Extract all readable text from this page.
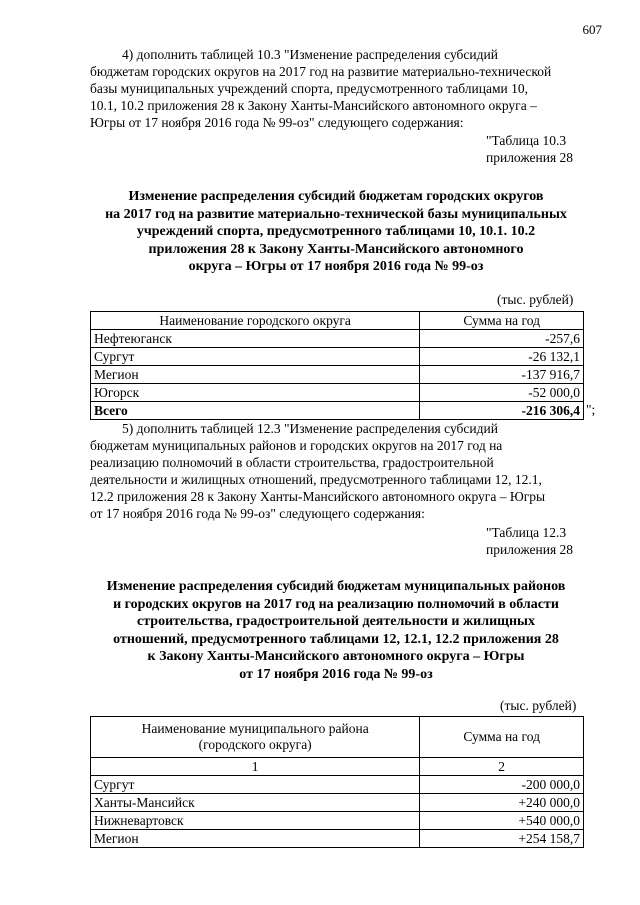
607
4) дополнить таблицей 10.3 "Изменение распределения субсидий
бюджетам городских округов на 2017 год на развитие материально-технической
базы муниципальных учреждений спорта, предусмотренного таблицами 10,
10.1, 10.2 приложения 28 к Закону Ханты-Мансийского автономного округа –
Югры от 17 ноября 2016 года № 99-оз" следующего содержания:
"Таблица 10.3
приложения 28
Изменение распределения субсидий бюджетам городских округов
на 2017 год на развитие материально-технической базы муниципальных
учреждений спорта, предусмотренного таблицами 10, 10.1. 10.2
приложения 28 к Закону Ханты-Мансийского автономного
округа – Югры от 17 ноября 2016 года № 99-оз
(тыс. рублей)
Наименование городского округа	Сумма на год
Нефтеюганск	-257,6
Сургут	-26 132,1
Мегион	-137 916,7
Югорск	-52 000,0
Всего	-216 306,4 ";
5) дополнить таблицей 12.3 "Изменение распределения субсидий
бюджетам муниципальных районов и городских округов на 2017 год на
реализацию полномочий в области строительства, градостроительной
деятельности и жилищных отношений, предусмотренного таблицами 12, 12.1,
12.2 приложения 28 к Закону Ханты-Мансийского автономного округа – Югры
от 17 ноября 2016 года № 99-оз" следующего содержания:
"Таблица 12.3
приложения 28
Изменение распределения субсидий бюджетам муниципальных районов
и городских округов на 2017 год на реализацию полномочий в области
строительства, градостроительной деятельности и жилищных
отношений, предусмотренного таблицами 12, 12.1, 12.2 приложения 28
к Закону Ханты-Мансийского автономного округа – Югры
от 17 ноября 2016 года № 99-оз
(тыс. рублей)
Наименование муниципального района
(городского округа)	Сумма на год
1	2
Сургут	-200 000,0
Ханты-Мансийск	+240 000,0
Нижневартовск	+540 000,0
Мегион	+254 158,7
